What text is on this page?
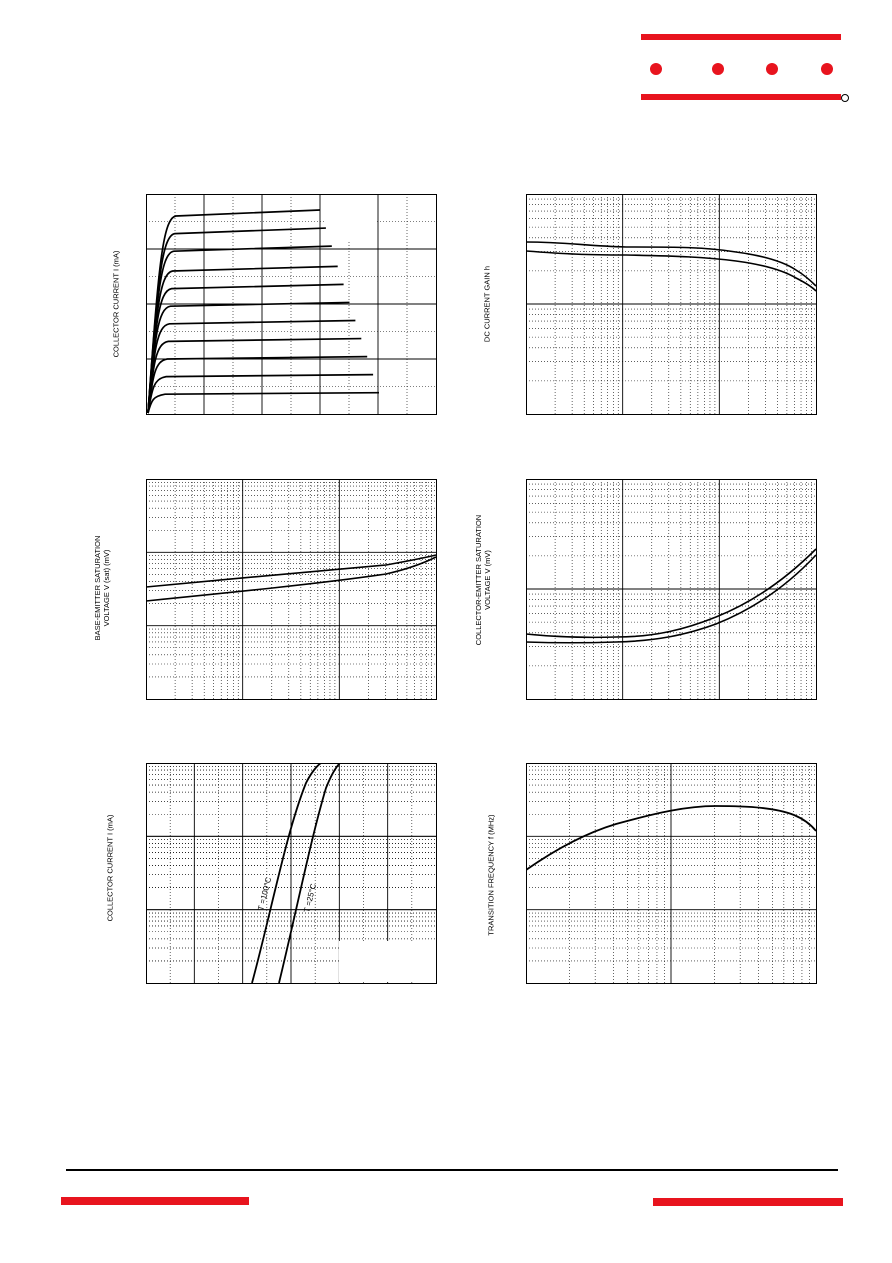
COLLECTOR CURRENT I (mA)	DC CURRENT GAIN h
BASE-EMITTER SATURATION VOLTAGE V (sat) (mV)	COLLECTOR-EMITTER SATURATION VOLTAGE V (mV)
T =100°C	T =25°C
COLLECTOR CURRENT I (mA)	TRANSITION FREQUENCY f (MHz)
